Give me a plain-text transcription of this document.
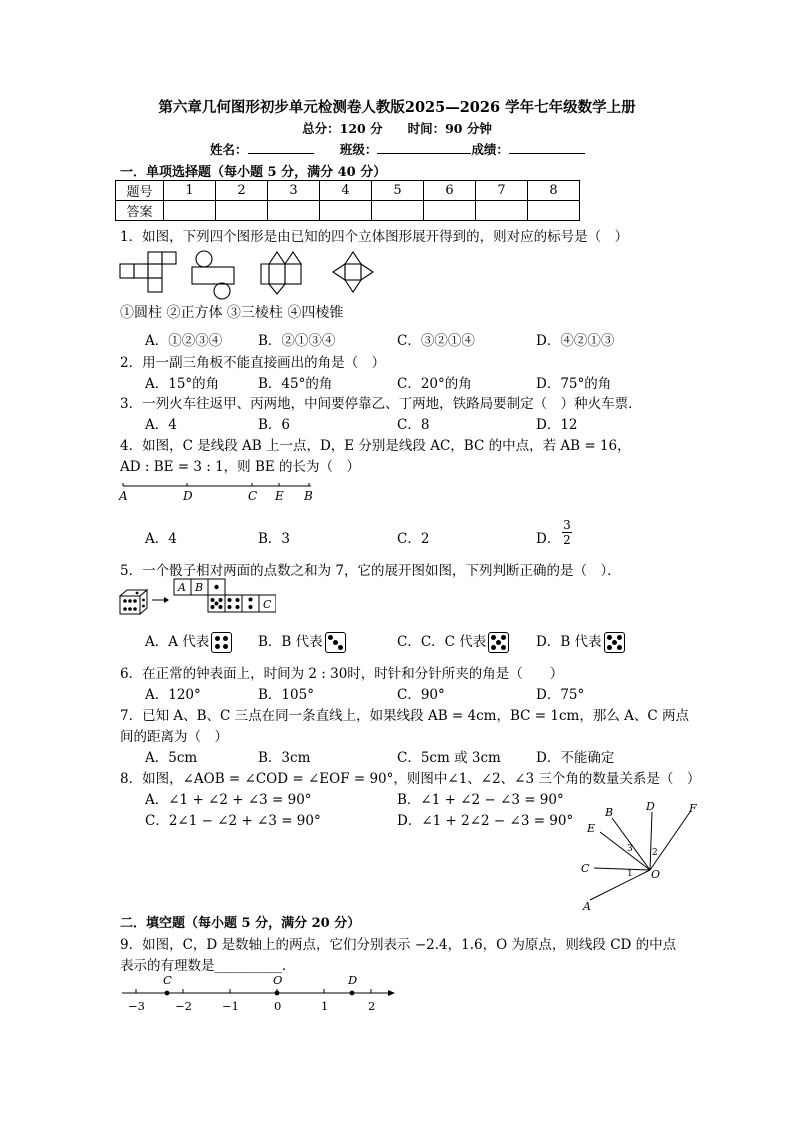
第六章几何图形初步单元检测卷人教版2025—2026 学年七年级数学上册
总分：120 分　　时间：90 分钟
姓名：	班级：	成绩：
一．单项选择题（每小题 5 分，满分 40 分）
题号	1	2	3	4	5	6	7	8
答案								
1．如图，下列四个图形是由已知的四个立体图形展开得到的，则对应的标号是（　）
①圆柱 ②正方体 ③三棱柱 ④四棱锥
A．①②③④	B．②①③④	C．③②①④	D．④②①③
2．用一副三角板不能直接画出的角是（　）
A．15°的角	B．45°的角	C．20°的角	D．75°的角
3．一列火车往返甲、丙两地，中间要停靠乙、丁两地，铁路局要制定（　）种火车票．
A．4	B．6	C．8	D．12
4．如图，C 是线段 AB 上一点，D，E 分别是线段 AC，BC 的中点，若 AB = 16，
AD : BE = 3 : 1，则 BE 的长为（　）
A	D	C E B
A．4	B．3	C．2	D． $\frac{3}{2}$
5．一个骰子相对两面的点数之和为 7，它的展开图如图，下列判断正确的是（　）．
A B
C
A．A 代表	B．B 代表	C．C．C 代表	D．B 代表
6．在正常的钟表面上，时间为 2 : 30时，时针和分针所夹的角是（　　）
A．120°	B．105°	C．90°	D．75°
7．已知 A、B、C 三点在同一条直线上，如果线段 AB = 4cm，BC = 1cm，那么 A、C 两点
间的距离为（　）
A．5cm	B．3cm	C．5cm 或 3cm	D．不能确定
8．如图，∠AOB = ∠COD = ∠EOF = 90°，则图中∠1、∠2、∠3 三个角的数量关系是（　）
A．∠1 + ∠2 + ∠3 = 90°	B．∠1 + ∠2 − ∠3 = 90°
C．2∠1 − ∠2 + ∠3 = 90°	D．∠1 + 2∠2 − ∠3 = 90°
A
B
C
D
E
F
O
1
2
3
二．填空题（每小题 5 分，满分 20 分）
9．如图，C，D 是数轴上的两点，它们分别表示 −2.4，1.6，O 为原点，则线段 CD 的中点
表示的有理数是__________．
C	O	D
−3	−2	−1	0	1	2
